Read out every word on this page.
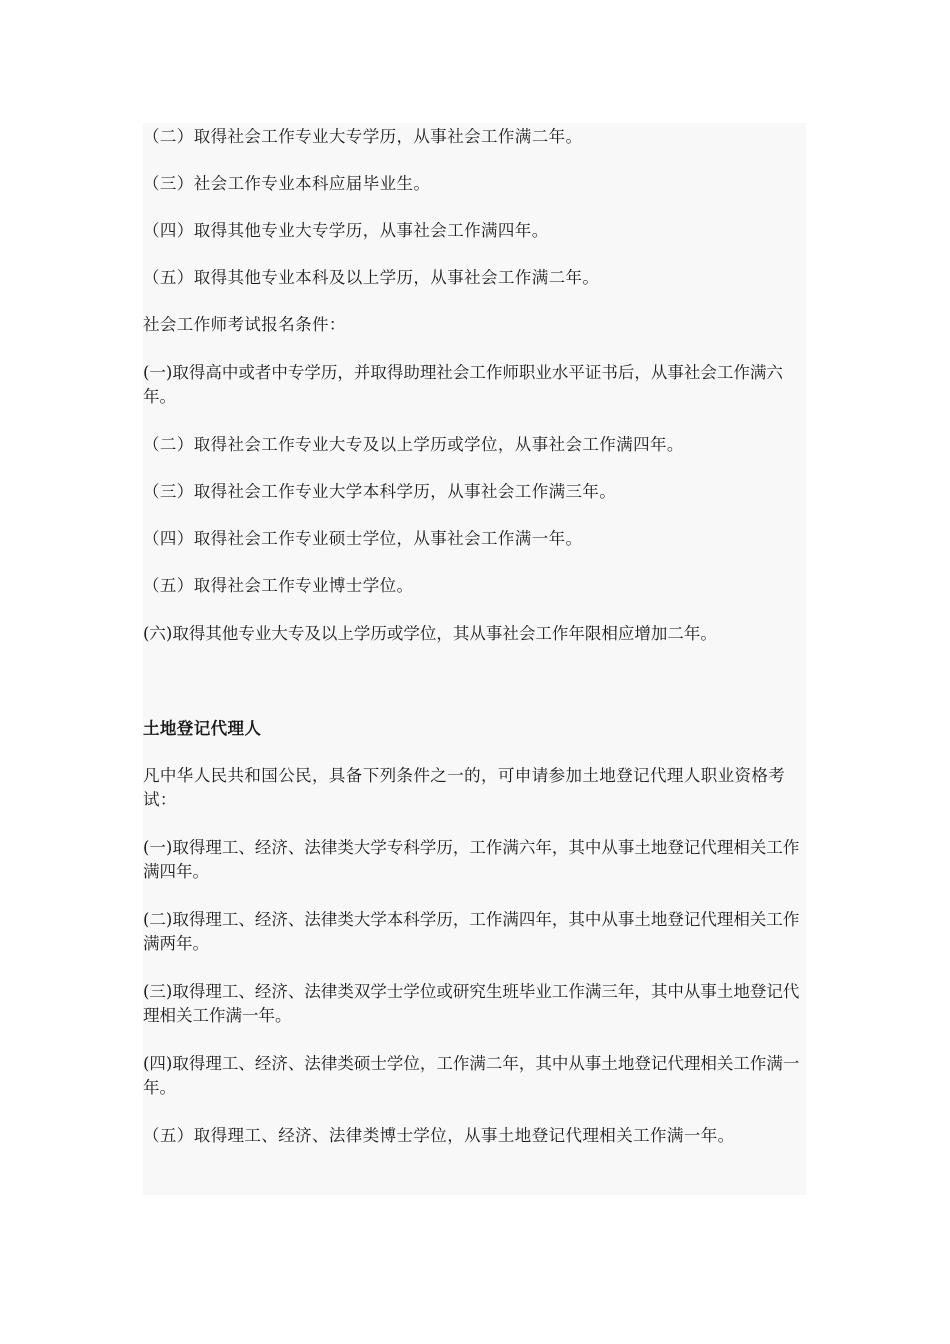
（二）取得社会工作专业大专学历，从事社会工作满二年。

（三）社会工作专业本科应届毕业生。

（四）取得其他专业大专学历，从事社会工作满四年。

（五）取得其他专业本科及以上学历，从事社会工作满二年。

社会工作师考试报名条件：

(一)取得高中或者中专学历，并取得助理社会工作师职业水平证书后，从事社会工作满六年。

（二）取得社会工作专业大专及以上学历或学位，从事社会工作满四年。

（三）取得社会工作专业大学本科学历，从事社会工作满三年。

（四）取得社会工作专业硕士学位，从事社会工作满一年。

（五）取得社会工作专业博士学位。

(六)取得其他专业大专及以上学历或学位，其从事社会工作年限相应增加二年。

土地登记代理人

凡中华人民共和国公民，具备下列条件之一的，可申请参加土地登记代理人职业资格考试：

(一)取得理工、经济、法律类大学专科学历，工作满六年，其中从事土地登记代理相关工作满四年。

(二)取得理工、经济、法律类大学本科学历，工作满四年，其中从事土地登记代理相关工作满两年。

(三)取得理工、经济、法律类双学士学位或研究生班毕业工作满三年，其中从事土地登记代理相关工作满一年。

(四)取得理工、经济、法律类硕士学位，工作满二年，其中从事土地登记代理相关工作满一年。

（五）取得理工、经济、法律类博士学位，从事土地登记代理相关工作满一年。
